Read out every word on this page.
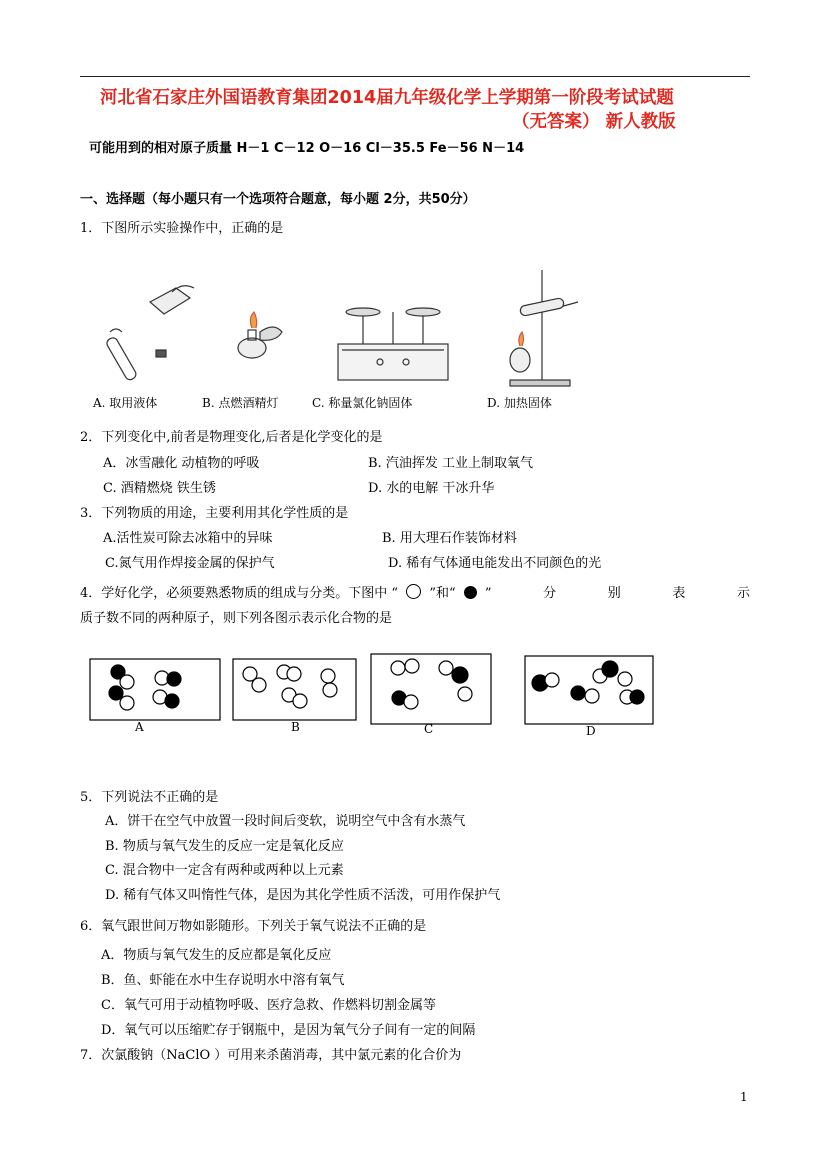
河北省石家庄外国语教育集团2014届九年级化学上学期第一阶段考试试题
（无答案） 新人教版
可能用到的相对原子质量 H－1 C－12 O－16 Cl－35.5 Fe－56 N－14
一、选择题（每小题只有一个选项符合题意，每小题 2分，共50分）
1．下图所示实验操作中，正确的是
A. 取用液体	B. 点燃酒精灯	C. 称量氯化钠固体	D. 加热固体
2．下列变化中,前者是物理变化,后者是化学变化的是
A．冰雪融化 动植物的呼吸	B. 汽油挥发 工业上制取氧气
C. 酒精燃烧 铁生锈	D. 水的电解 干冰升华
3．下列物质的用途，主要利用其化学性质的是
A.活性炭可除去冰箱中的异味	B. 用大理石作装饰材料
C.氮气用作焊接金属的保护气	D. 稀有气体通电能发出不同颜色的光
4．学好化学，必须要熟悉物质的组成与分类。下图中 “ ”和“ ”	分	别	表	示
质子数不同的两种原子，则下列各图示表示化合物的是
A	B	C	D
5．下列说法不正确的是
A．饼干在空气中放置一段时间后变软，说明空气中含有水蒸气
B. 物质与氧气发生的反应一定是氧化反应
C. 混合物中一定含有两种或两种以上元素
D. 稀有气体又叫惰性气体，是因为其化学性质不活泼，可用作保护气
6．氧气跟世间万物如影随形。下列关于氧气说法不正确的是
A．物质与氧气发生的反应都是氧化反应
B．鱼、虾能在水中生存说明水中溶有氧气
C．氧气可用于动植物呼吸、医疗急救、作燃料切割金属等
D．氧气可以压缩贮存于钢瓶中，是因为氧气分子间有一定的间隔
7．次氯酸钠（NaClO ）可用来杀菌消毒，其中氯元素的化合价为
1
